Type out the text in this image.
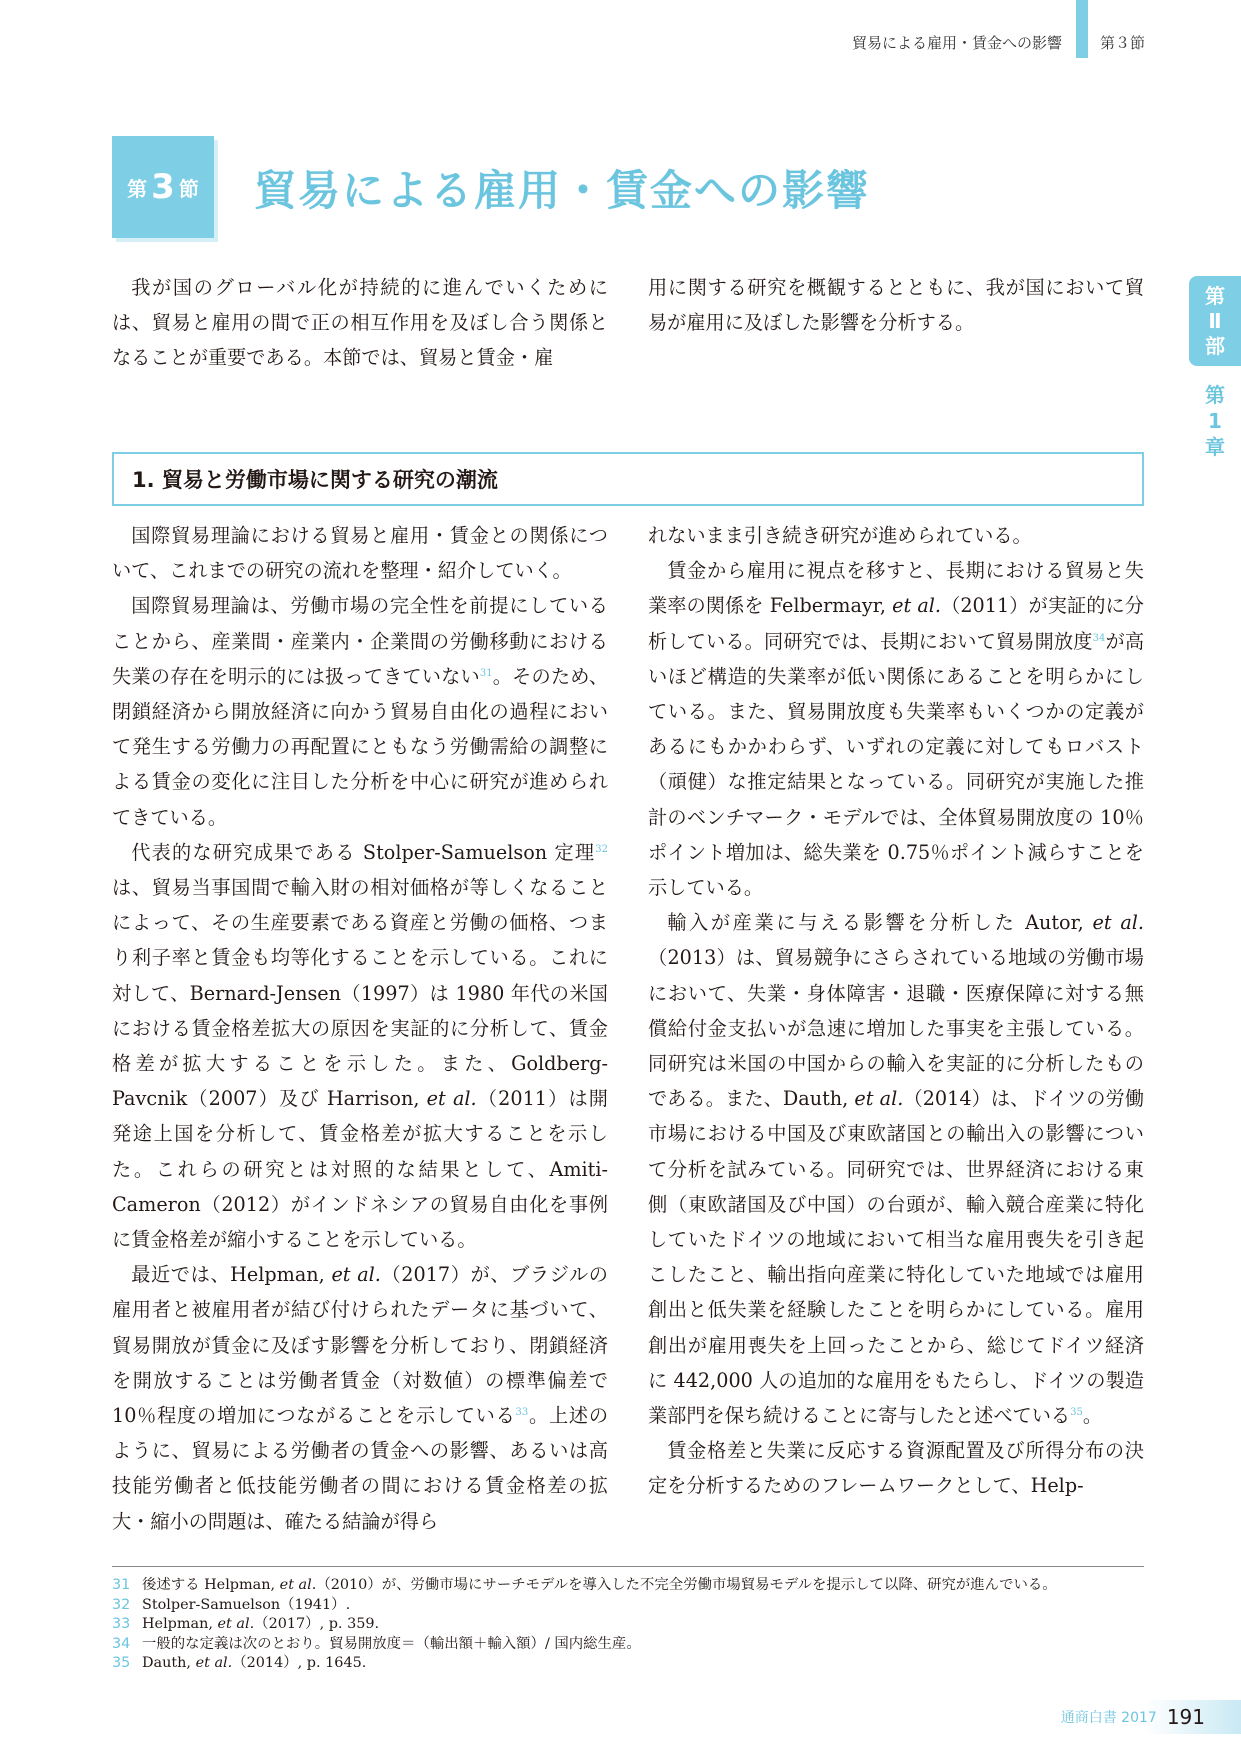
貿易による雇用・賃金への影響	第３節
第 3 節 貿易による雇用・賃金への影響
第
Ⅱ
部
第
1
章

我が国のグローバル化が持続的に進んでいくためには、貿易と雇用の間で正の相互作用を及ぼし合う関係となることが重要である。本節では、貿易と賃金・雇

用に関する研究を概観するとともに、我が国において貿易が雇用に及ぼした影響を分析する。

1. 貿易と労働市場に関する研究の潮流

国際貿易理論における貿易と雇用・賃金との関係について、これまでの研究の流れを整理・紹介していく。

国際貿易理論は、労働市場の完全性を前提にしていることから、産業間・産業内・企業間の労働移動における失業の存在を明示的には扱ってきていない$^{31}$。そのため、閉鎖経済から開放経済に向かう貿易自由化の過程において発生する労働力の再配置にともなう労働需給の調整による賃金の変化に注目した分析を中心に研究が進められてきている。

代表的な研究成果である Stolper-Samuelson 定理$^{32}$は、貿易当事国間で輸入財の相対価格が等しくなることによって、その生産要素である資産と労働の価格、つまり利子率と賃金も均等化することを示している。これに対して、Bernard-Jensen（1997）は 1980 年代の米国における賃金格差拡大の原因を実証的に分析して、賃金格差が拡大することを示した。また、Goldberg-Pavcnik（2007）及び Harrison, et al.（2011）は開発途上国を分析して、賃金格差が拡大することを示した。これらの研究とは対照的な結果として、Amiti-Cameron（2012）がインドネシアの貿易自由化を事例に賃金格差が縮小することを示している。

最近では、Helpman, et al.（2017）が、ブラジルの雇用者と被雇用者が結び付けられたデータに基づいて、貿易開放が賃金に及ぼす影響を分析しており、閉鎖経済を開放することは労働者賃金（対数値）の標準偏差で 10％程度の増加につながることを示している$^{33}$。上述のように、貿易による労働者の賃金への影響、あるいは高技能労働者と低技能労働者の間における賃金格差の拡大・縮小の問題は、確たる結論が得ら

れないまま引き続き研究が進められている。

賃金から雇用に視点を移すと、長期における貿易と失業率の関係を Felbermayr, et al.（2011）が実証的に分析している。同研究では、長期において貿易開放度$^{34}$が高いほど構造的失業率が低い関係にあることを明らかにしている。また、貿易開放度も失業率もいくつかの定義があるにもかかわらず、いずれの定義に対してもロバスト（頑健）な推定結果となっている。同研究が実施した推計のベンチマーク・モデルでは、全体貿易開放度の 10％ポイント増加は、総失業を 0.75％ポイント減らすことを示している。

輸入が産業に与える影響を分析した Autor, et al.（2013）は、貿易競争にさらされている地域の労働市場において、失業・身体障害・退職・医療保障に対する無償給付金支払いが急速に増加した事実を主張している。同研究は米国の中国からの輸入を実証的に分析したものである。また、Dauth, et al.（2014）は、ドイツの労働市場における中国及び東欧諸国との輸出入の影響について分析を試みている。同研究では、世界経済における東側（東欧諸国及び中国）の台頭が、輸入競合産業に特化していたドイツの地域において相当な雇用喪失を引き起こしたこと、輸出指向産業に特化していた地域では雇用創出と低失業を経験したことを明らかにしている。雇用創出が雇用喪失を上回ったことから、総じてドイツ経済に 442,000 人の追加的な雇用をもたらし、ドイツの製造業部門を保ち続けることに寄与したと述べている$^{35}$。

賃金格差と失業に反応する資源配置及び所得分布の決定を分析するためのフレームワークとして、Help-

31 後述する Helpman, et al.（2010）が、労働市場にサーチモデルを導入した不完全労働市場貿易モデルを提示して以降、研究が進んでいる。
32 Stolper-Samuelson（1941）.
33 Helpman, et al.（2017）, p. 359.
34 一般的な定義は次のとおり。貿易開放度＝（輸出額＋輸入額）/ 国内総生産。
35 Dauth, et al.（2014）, p. 1645.
通商白書 2017 191
